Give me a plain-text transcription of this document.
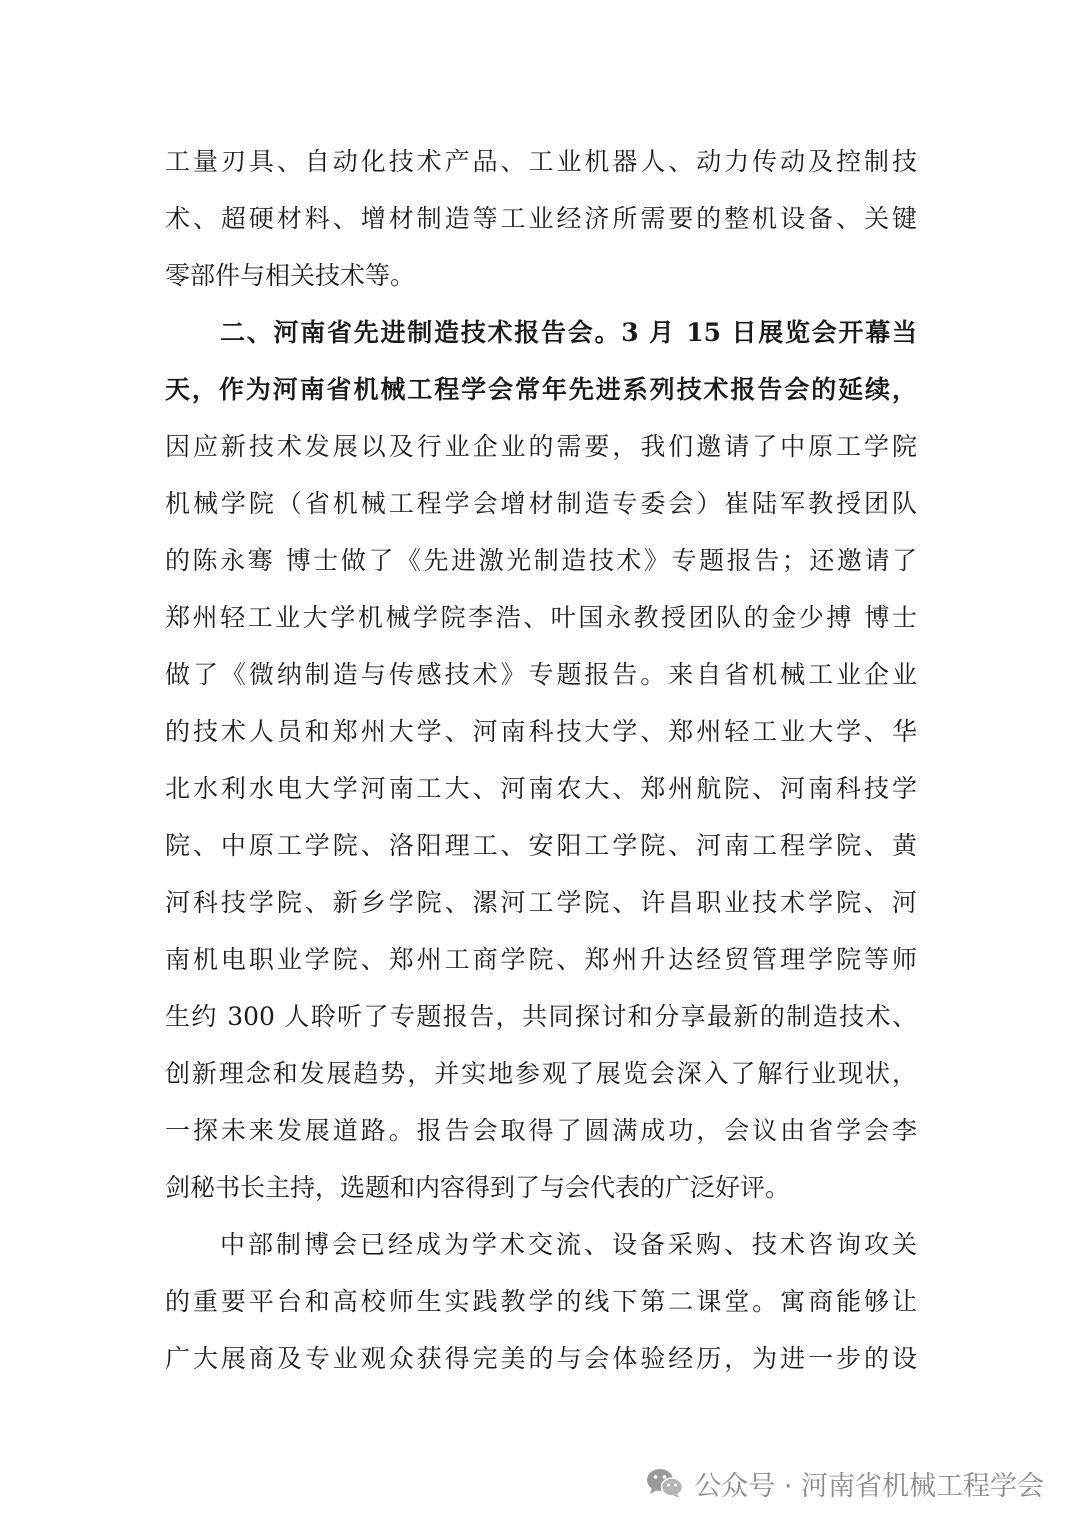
工量刃具、自动化技术产品、工业机器人、动力传动及控制技
术、超硬材料、增材制造等工业经济所需要的整机设备、关键
零部件与相关技术等。
二、河南省先进制造技术报告会。3 月 15 日展览会开幕当
天，作为河南省机械工程学会常年先进系列技术报告会的延续，
因应新技术发展以及行业企业的需要，我们邀请了中原工学院
机械学院（省机械工程学会增材制造专委会）崔陆军教授团队
的陈永骞 博士做了《先进激光制造技术》专题报告；还邀请了
郑州轻工业大学机械学院李浩、叶国永教授团队的金少搏 博士
做了《微纳制造与传感技术》专题报告。来自省机械工业企业
的技术人员和郑州大学、河南科技大学、郑州轻工业大学、华
北水利水电大学河南工大、河南农大、郑州航院、河南科技学
院、中原工学院、洛阳理工、安阳工学院、河南工程学院、黄
河科技学院、新乡学院、漯河工学院、许昌职业技术学院、河
南机电职业学院、郑州工商学院、郑州升达经贸管理学院等师
生约 300 人聆听了专题报告，共同探讨和分享最新的制造技术、
创新理念和发展趋势，并实地参观了展览会深入了解行业现状，
一探未来发展道路。报告会取得了圆满成功，会议由省学会李
剑秘书长主持，选题和内容得到了与会代表的广泛好评。
中部制博会已经成为学术交流、设备采购、技术咨询攻关
的重要平台和高校师生实践教学的线下第二课堂。寓商能够让
广大展商及专业观众获得完美的与会体验经历，为进一步的设
公众号 · 河南省机械工程学会
